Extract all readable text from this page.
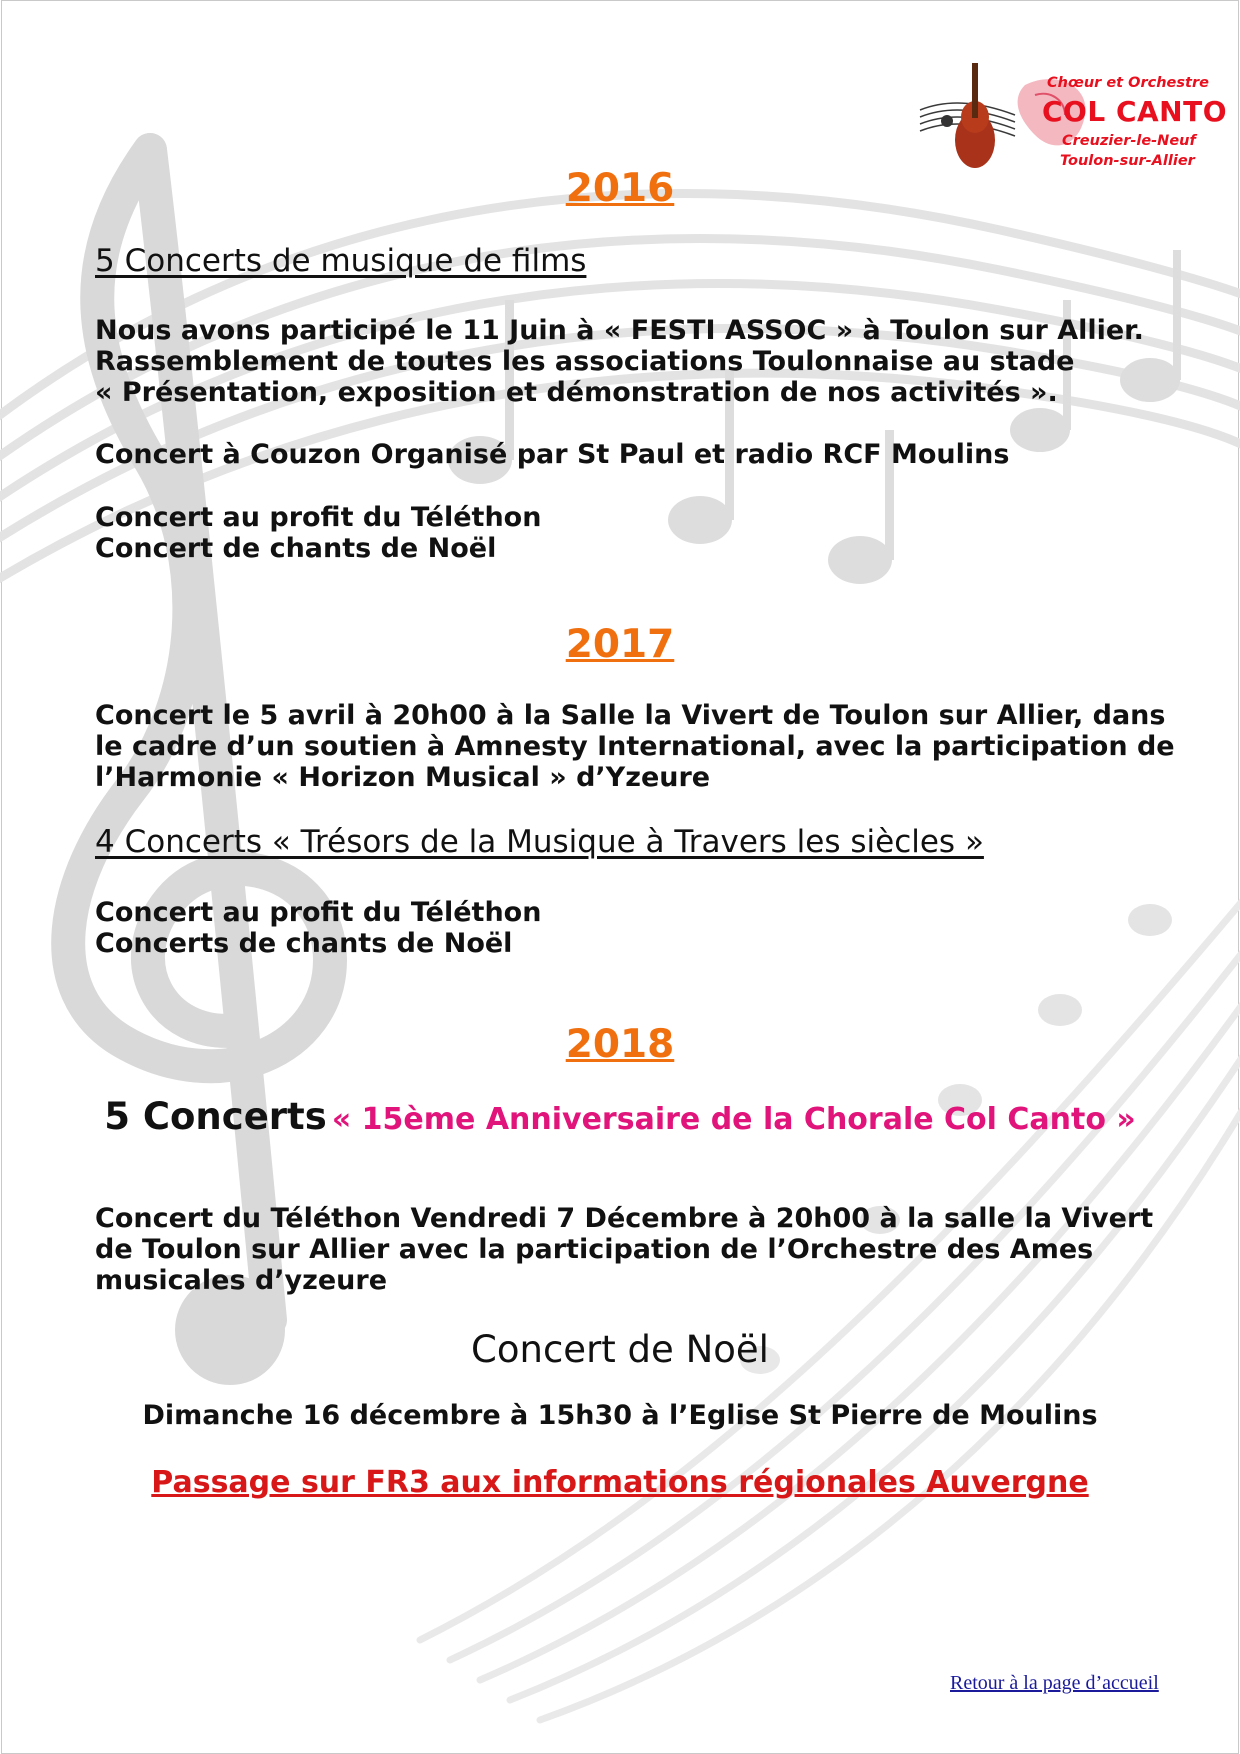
Chœur et Orchestre
COL CANTO
Creuzier-le-Neuf
Toulon-sur-Allier
2016
5 Concerts de musique de films
Nous avons participé le 11 Juin à « FESTI ASSOC » à Toulon sur Allier.
Rassemblement de toutes les associations Toulonnaise au stade
« Présentation, exposition et démonstration de nos activités ».
Concert à Couzon Organisé par St Paul et radio RCF Moulins
Concert au profit du Téléthon
Concert de chants de Noël
2017
Concert le 5 avril à 20h00 à la Salle la Vivert de Toulon sur Allier, dans
le cadre d’un soutien à Amnesty International, avec la participation de
l’Harmonie « Horizon Musical » d’Yzeure
4 Concerts « Trésors de la Musique à Travers les siècles »
Concert au profit du Téléthon
Concerts de chants de Noël
2018
5 Concerts « 15ème Anniversaire de la Chorale Col Canto »
Concert du Téléthon Vendredi 7 Décembre à 20h00 à la salle la Vivert
de Toulon sur Allier avec la participation de l’Orchestre des Ames
musicales d’yzeure
Concert de Noël
Dimanche 16 décembre à 15h30 à l’Eglise St Pierre de Moulins
Passage sur FR3 aux informations régionales Auvergne
Retour à la page d’accueil
